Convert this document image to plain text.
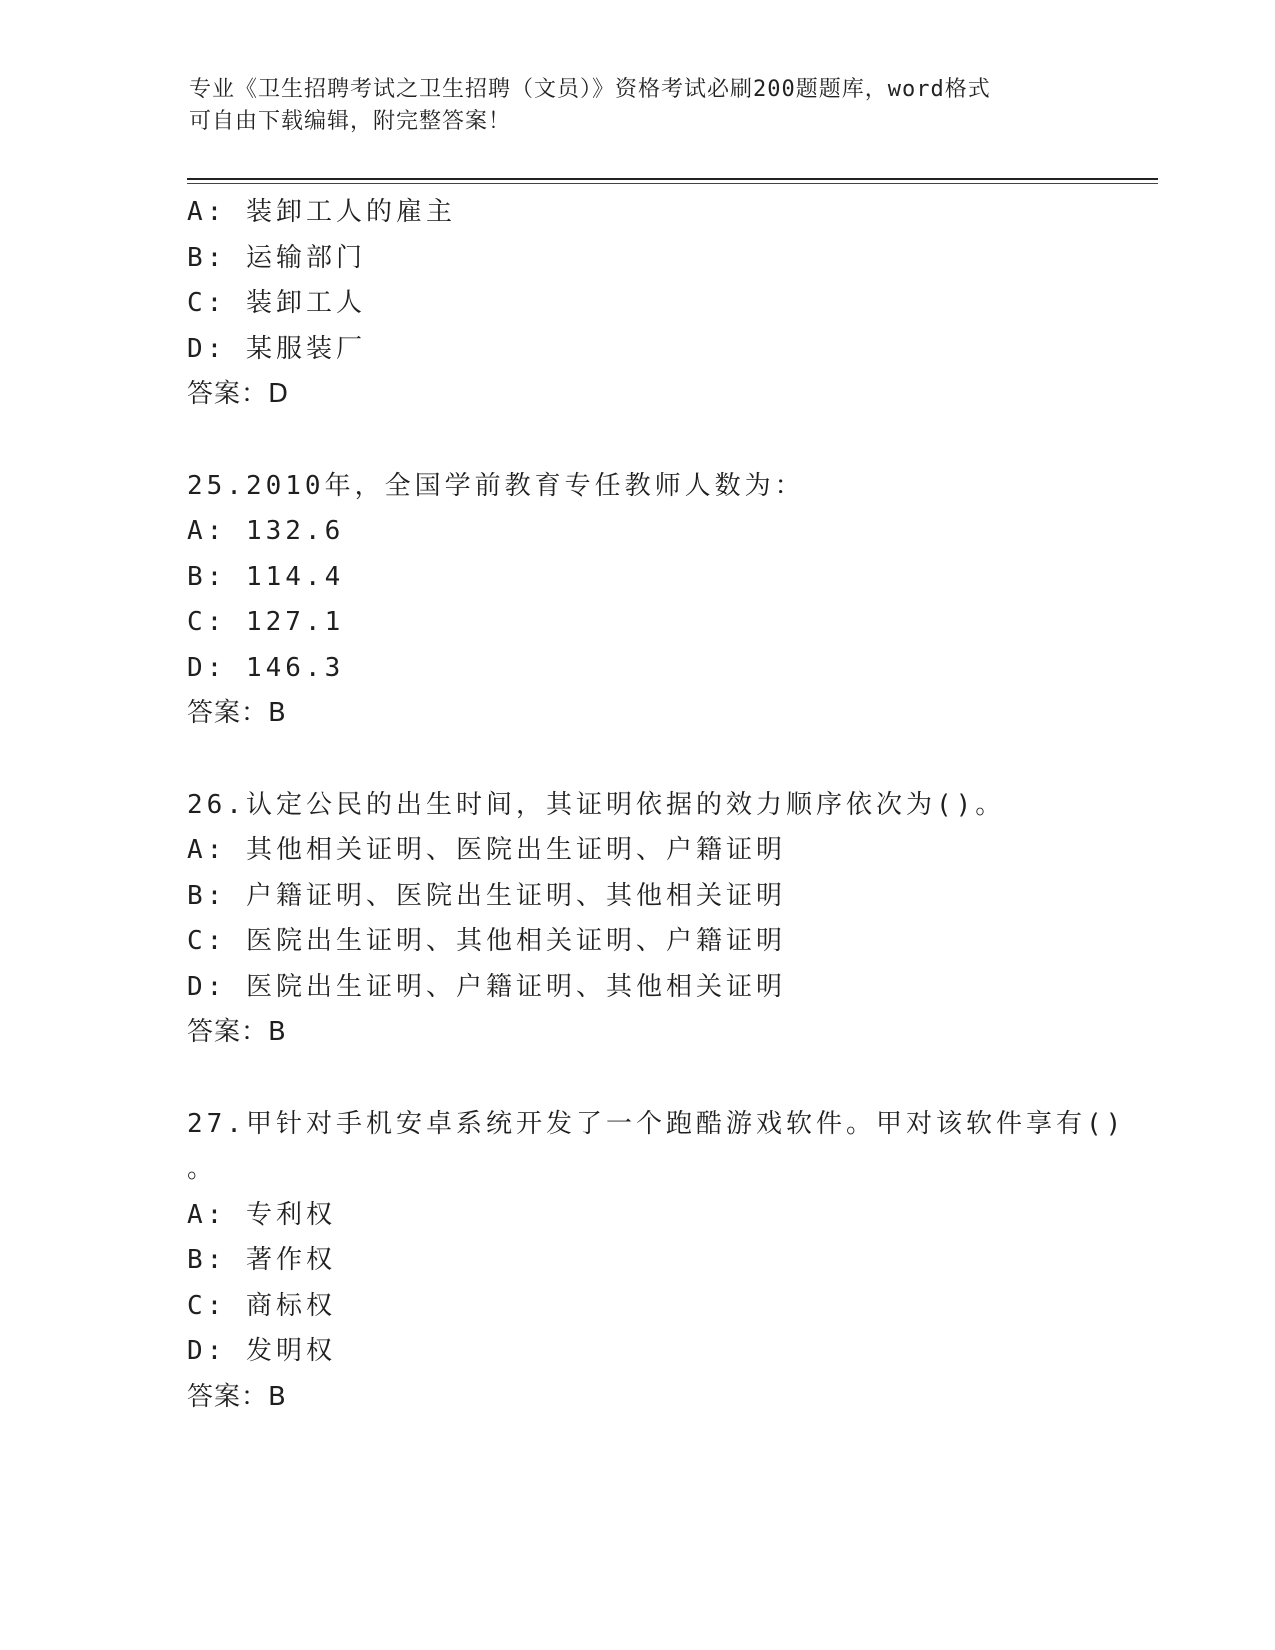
专业《卫生招聘考试之卫生招聘（文员）》资格考试必刷200题题库，word格式
可自由下载编辑，附完整答案！
A: 装卸工人的雇主
B: 运输部门
C: 装卸工人
D: 某服装厂
答案：D
25.2010年，全国学前教育专任教师人数为：
A: 132.6
B: 114.4
C: 127.1
D: 146.3
答案：B
26.认定公民的出生时间，其证明依据的效力顺序依次为()。
A: 其他相关证明、医院出生证明、户籍证明
B: 户籍证明、医院出生证明、其他相关证明
C: 医院出生证明、其他相关证明、户籍证明
D: 医院出生证明、户籍证明、其他相关证明
答案：B
27.甲针对手机安卓系统开发了一个跑酷游戏软件。甲对该软件享有()
。
A: 专利权
B: 著作权
C: 商标权
D: 发明权
答案：B
